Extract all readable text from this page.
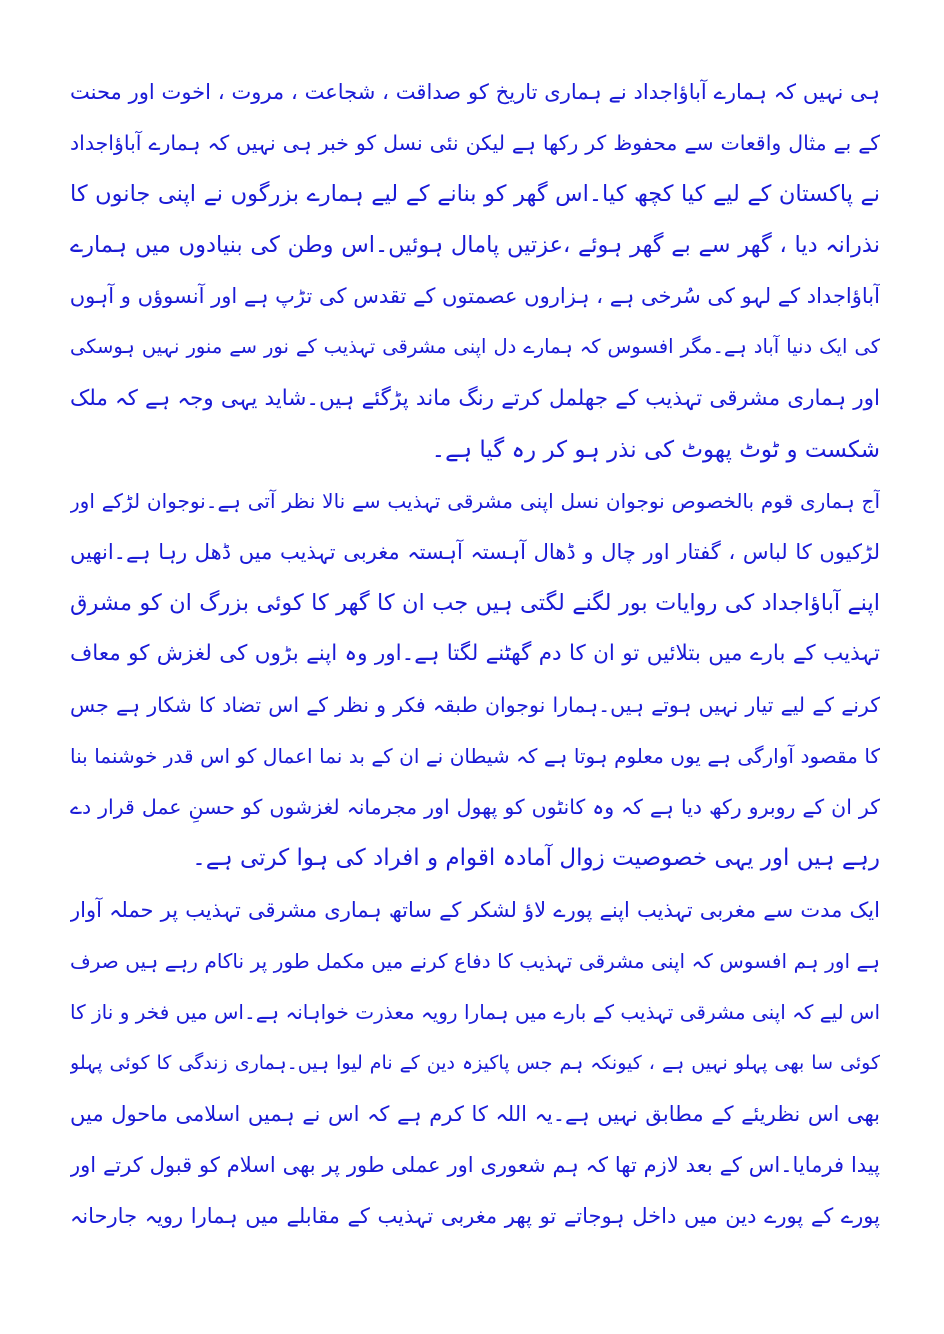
ہی نہیں کہ ہمارے آباؤاجداد نے ہماری تاریخ کو صداقت ، شجاعت ، مروت ، اخوت اور محنت
کے بے مثال واقعات سے محفوظ کر رکھا ہے لیکن نئی نسل کو خبر ہی نہیں کہ ہمارے آباؤاجداد
نے پاکستان کے لیے کیا کچھ کیا۔اس گھر کو بنانے کے لیے ہمارے بزرگوں نے اپنی جانوں کا
نذرانہ دیا ، گھر سے بے گھر ہوئے ،عزتیں پامال ہوئیں۔اس وطن کی بنیادوں میں ہمارے
آباؤاجداد کے لہو کی سُرخی ہے ، ہزاروں عصمتوں کے تقدس کی تڑپ ہے اور آنسوؤں و آہوں
کی ایک دنیا آباد ہے۔مگر افسوس کہ ہمارے دل اپنی مشرقی تہذیب کے نور سے منور نہیں ہوسکی
اور ہماری مشرقی تہذیب کے جھلمل کرتے رنگ ماند پڑگئے ہیں۔شاید یہی وجہ ہے کہ ملک
شکست و ٹوٹ پھوٹ کی نذر ہو کر رہ گیا ہے۔
آج ہماری قوم بالخصوص نوجوان نسل اپنی مشرقی تہذیب سے نالا نظر آتی ہے۔نوجوان لڑکے اور
لڑکیوں کا لباس ، گفتار اور چال و ڈھال آہستہ آہستہ مغربی تہذیب میں ڈھل رہا ہے۔انھیں
اپنے آباؤاجداد کی روایات بور لگنے لگتی ہیں جب ان کا گھر کا کوئی بزرگ ان کو مشرق
تہذیب کے بارے میں بتلائیں تو ان کا دم گھٹنے لگتا ہے۔اور وہ اپنے بڑوں کی لغزش کو معاف
کرنے کے لیے تیار نہیں ہوتے ہیں۔ہمارا نوجوان طبقہ فکر و نظر کے اس تضاد کا شکار ہے جس
کا مقصود آوارگی ہے یوں معلوم ہوتا ہے کہ شیطان نے ان کے بد نما اعمال کو اس قدر خوشنما بنا
کر ان کے روبرو رکھ دیا ہے کہ وہ کانٹوں کو پھول اور مجرمانہ لغزشوں کو حسنِ عمل قرار دے
رہے ہیں اور یہی خصوصیت زوال آمادہ اقوام و افراد کی ہوا کرتی ہے۔
ایک مدت سے مغربی تہذیب اپنے پورے لاؤ لشکر کے ساتھ ہماری مشرقی تہذیب پر حملہ آوار
ہے اور ہم افسوس کہ اپنی مشرقی تہذیب کا دفاع کرنے میں مکمل طور پر ناکام رہے ہیں صرف
اس لیے کہ اپنی مشرقی تہذیب کے بارے میں ہمارا رویہ معذرت خواہانہ ہے۔اس میں فخر و ناز کا
کوئی سا بھی پہلو نہیں ہے ، کیونکہ ہم جس پاکیزہ دین کے نام لیوا ہیں۔ہماری زندگی کا کوئی پہلو
بھی اس نظریئے کے مطابق نہیں ہے۔یہ اللہ کا کرم ہے کہ اس نے ہمیں اسلامی ماحول میں
پیدا فرمایا۔اس کے بعد لازم تھا کہ ہم شعوری اور عملی طور پر بھی اسلام کو قبول کرتے اور
پورے کے پورے دین میں داخل ہوجاتے تو پھر مغربی تہذیب کے مقابلے میں ہمارا رویہ جارحانہ
